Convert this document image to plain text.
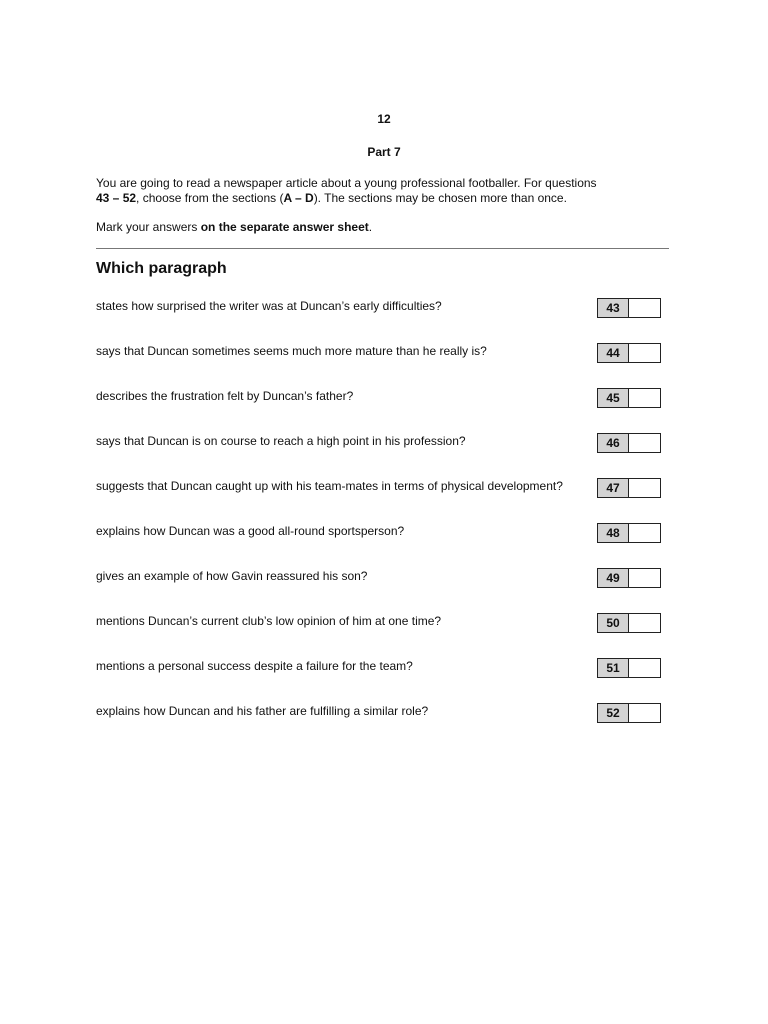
12
Part 7

You are going to read a newspaper article about a young professional footballer. For questions

43 – 52, choose from the sections (A – D). The sections may be chosen more than once.

Mark your answers on the separate answer sheet.
Which paragraph
states how surprised the writer was at Duncan’s early difficulties?	43
says that Duncan sometimes seems much more mature than he really is?	44
describes the frustration felt by Duncan’s father?	45
says that Duncan is on course to reach a high point in his profession?	46
suggests that Duncan caught up with his team-mates in terms of physical development?	47
explains how Duncan was a good all-round sportsperson?	48
gives an example of how Gavin reassured his son?	49
mentions Duncan’s current club’s low opinion of him at one time?	50
mentions a personal success despite a failure for the team?	51
explains how Duncan and his father are fulfilling a similar role?	52
